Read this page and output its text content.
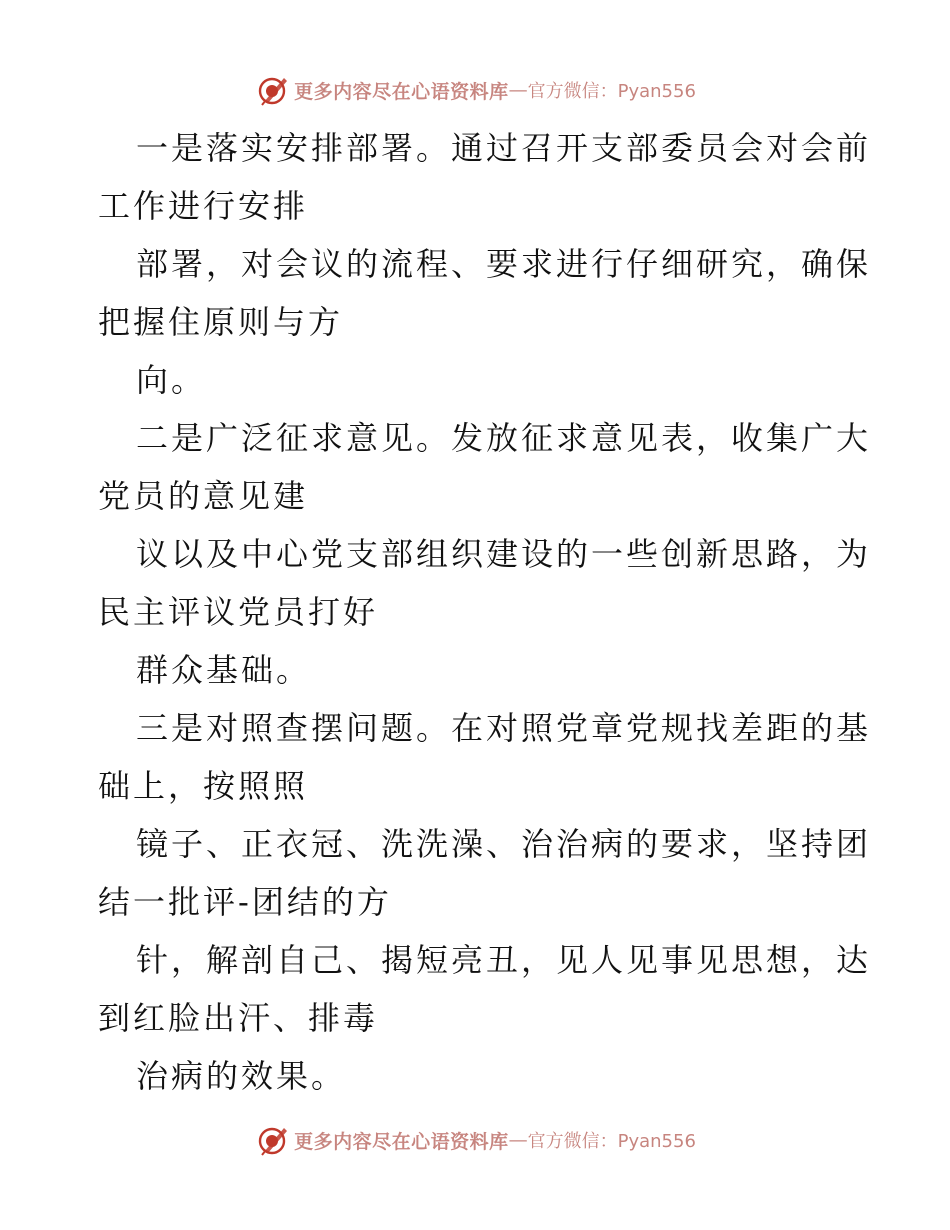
更多内容尽在心语资料库 — 官方微信：Pyan556
一是落实安排部署。通过召开支部委员会对会前
工作进行安排
部署，对会议的流程、要求进行仔细研究，确保
把握住原则与方
向。
二是广泛征求意见。发放征求意见表，收集广大
党员的意见建
议以及中心党支部组织建设的一些创新思路，为
民主评议党员打好
群众基础。
三是对照查摆问题。在对照党章党规找差距的基
础上，按照照
镜子、正衣冠、洗洗澡、治治病的要求，坚持团
结一批评-团结的方
针，解剖自己、揭短亮丑，见人见事见思想，达
到红脸出汗、排毒
治病的效果。
更多内容尽在心语资料库 — 官方微信：Pyan556
